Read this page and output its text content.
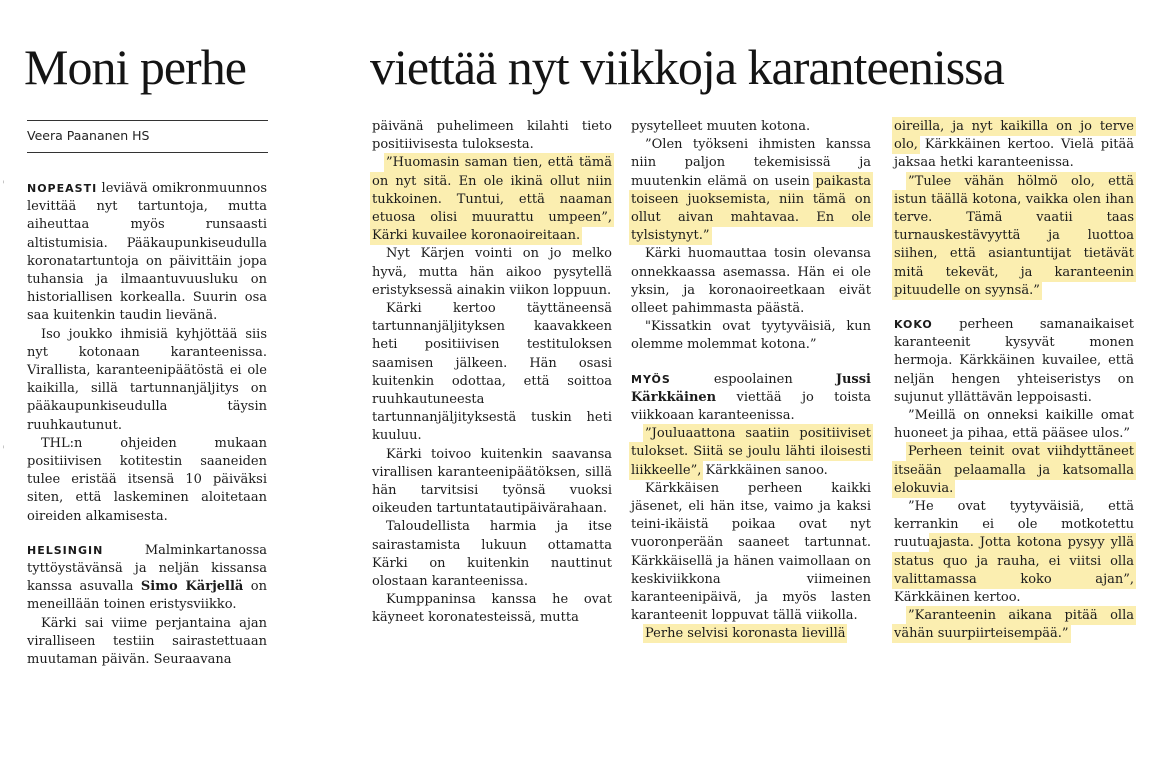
Moni perhe viettää nyt viikkoja karanteenissa
Veera Paananen HS
'
'

NOPEASTI leviävä omikronmuunnos levittää nyt tartuntoja, mutta aiheuttaa myös runsaasti altistumisia. Pääkaupunkiseudulla koronatartuntoja on päivittäin jopa tuhansia ja ilmaantuvuusluku on historiallisen korkealla. Suurin osa saa kuitenkin taudin lievänä.

Iso joukko ihmisiä kyhjöttää siis nyt kotonaan karanteenissa. Virallista, karanteenipäätöstä ei ole kaikilla, sillä tartunnanjäljitys on pääkaupunkiseudulla täysin ruuhkautunut.

THL:n ohjeiden mukaan positiivisen kotitestin saaneiden tulee eristää itsensä 10 päiväksi siten, että laskeminen aloitetaan oireiden alkamisesta.

HELSINGIN	Malminkartanossa tyttöystävänsä ja neljän kissansa kanssa asuvalla Simo Kärjellä on meneillään toinen eristysviikko.

Kärki sai viime perjantaina ajan viralliseen testiin sairastettuaan muutaman päivän. Seuraavana

päivänä puhelimeen kilahti tieto positiivisesta tuloksesta.

”Huomasin saman tien, että tämä on nyt sitä. En ole ikinä ollut niin tukkoinen. Tuntui, että naaman etuosa olisi muurattu umpeen”, Kärki kuvailee koronaoireitaan.

Nyt Kärjen vointi on jo melko hyvä, mutta hän aikoo pysytellä eristyksessä ainakin viikon loppuun.

Kärki kertoo täyttäneensä tartunnanjäljityksen kaavakkeen heti positiivisen testituloksen saamisen jälkeen. Hän osasi kuitenkin odottaa, että soittoa ruuhkautuneesta tartunnanjäljityksestä tuskin heti kuuluu.

Kärki toivoo kuitenkin saavansa virallisen karanteenipäätöksen, sillä hän tarvitsisi työnsä vuoksi oikeuden tartuntatautipäivärahaan.

Taloudellista harmia ja itse sairastamista lukuun ottamatta Kärki on kuitenkin nauttinut olostaan karanteenissa.

Kumppaninsa kanssa he ovat käyneet koronatesteissä, mutta

pysytelleet muuten kotona.

”Olen työkseni ihmisten kanssa niin paljon tekemisissä ja muutenkin elämä on usein paikasta toiseen juoksemista, niin tämä on ollut aivan mahtavaa. En ole tylsistynyt.”

Kärki huomauttaa tosin olevansa onnekkaassa asemassa. Hän ei ole yksin, ja koronaoireetkaan eivät olleet pahimmasta päästä.

"Kissatkin ovat tyytyväisiä, kun olemme molemmat kotona.”

MYÖS	espoolainen	Jussi Kärkkäinen viettää jo toista viikkoaan karanteenissa.

”Jouluaattona saatiin positiiviset tulokset. Siitä se joulu lähti iloisesti liikkeelle”, Kärkkäinen sanoo.

Kärkkäisen perheen kaikki jäsenet, eli hän itse, vaimo ja kaksi teini-ikäistä poikaa ovat nyt vuoronperään saaneet tartunnat. Kärkkäisellä ja hänen vaimollaan on keskiviikkona viimeinen karanteenipäivä, ja myös lasten karanteenit loppuvat tällä viikolla.

Perhe selvisi koronasta lievillä

oireilla, ja nyt kaikilla on jo terve olo, Kärkkäinen kertoo. Vielä pitää jaksaa hetki karanteenissa.

”Tulee vähän hölmö olo, että istun täällä kotona, vaikka olen ihan terve. Tämä vaatii taas turnauskestävyyttä ja luottoa siihen, että asiantuntijat tietävät mitä tekevät, ja karanteenin pituudelle on syynsä.”

KOKO perheen samanaikaiset karanteenit kysyvät monen hermoja. Kärkkäinen kuvailee, että neljän hengen yhteiseristys on sujunut yllättävän leppoisasti.

”Meillä on onneksi kaikille omat huoneet ja pihaa, että pääsee ulos.”

Perheen teinit ovat viihdyttäneet itseään pelaamalla ja katsomalla elokuvia.

”He ovat tyytyväisiä, että kerrankin ei ole motkotettu ruutuajasta. Jotta kotona pysyy yllä status quo ja rauha, ei viitsi olla valittamassa koko ajan”, Kärkkäinen kertoo.

”Karanteenin aikana pitää olla vähän suurpiirteisempää.”
